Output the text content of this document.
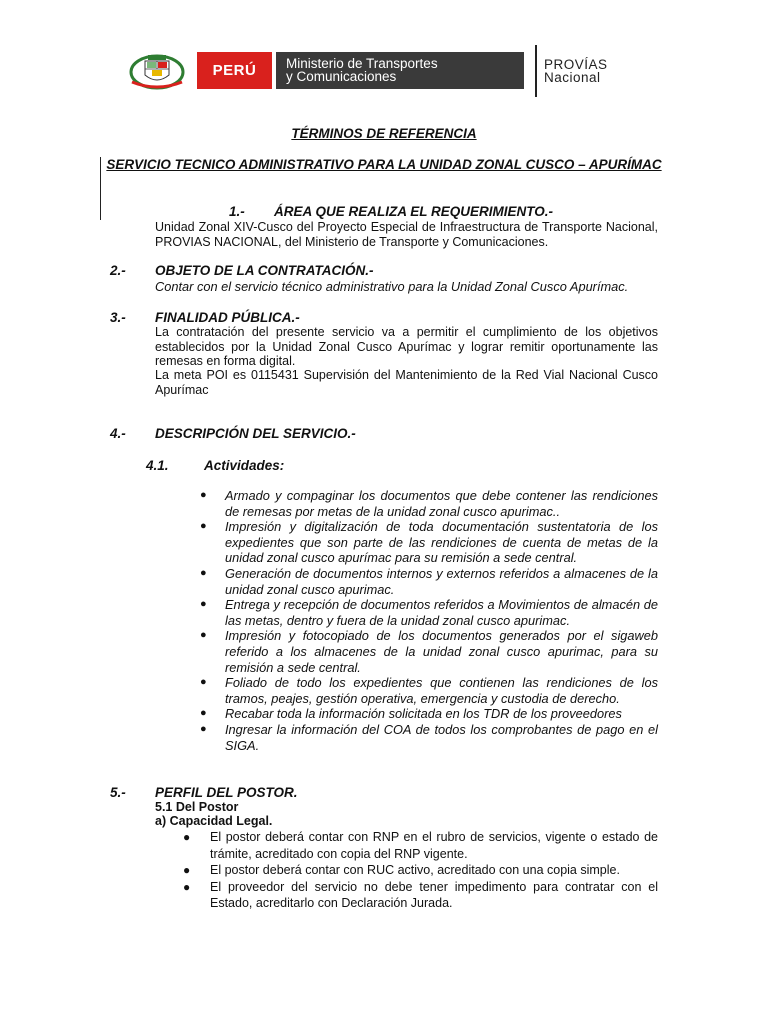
PERÚ Ministerio de Transportes
y Comunicaciones
PROVÍAS
Nacional
TÉRMINOS DE REFERENCIA
SERVICIO TECNICO ADMINISTRATIVO PARA LA UNIDAD ZONAL CUSCO – APURÍMAC
1.- ÁREA QUE REALIZA EL REQUERIMIENTO.-
Unidad Zonal XIV-Cusco del Proyecto Especial de Infraestructura de Transporte Nacional, PROVIAS NACIONAL, del Ministerio de Transporte y Comunicaciones.
2.- OBJETO DE LA CONTRATACIÓN.-
Contar con el servicio técnico administrativo para la Unidad Zonal Cusco Apurímac.
3.- FINALIDAD PÚBLICA.-
La contratación del presente servicio va a permitir el cumplimiento de los objetivos establecidos por la Unidad Zonal Cusco Apurímac y lograr remitir oportunamente las remesas en forma digital.
La meta POI es 0115431 Supervisión del Mantenimiento de la Red Vial Nacional Cusco Apurímac
4.- DESCRIPCIÓN DEL SERVICIO.-
4.1.	Actividades:
● Armado y compaginar los documentos que debe contener las rendiciones de remesas por metas de la unidad zonal cusco apurimac..
● Impresión y digitalización de toda documentación sustentatoria de los expedientes que son parte de las rendiciones de cuenta de metas de la unidad zonal cusco apurímac para su remisión a sede central.
● Generación de documentos internos y externos referidos a almacenes de la unidad zonal cusco apurimac.
● Entrega y recepción de documentos referidos a Movimientos de almacén de las metas, dentro y fuera de la unidad zonal cusco apurimac.
● Impresión y fotocopiado de los documentos generados por el sigaweb referido a los almacenes de la unidad zonal cusco apurimac, para su remisión a sede central.
● Foliado de todo los expedientes que contienen las rendiciones de los tramos, peajes, gestión operativa, emergencia y custodia de derecho.
● Recabar toda la información solicitada en los TDR de los proveedores
● Ingresar la información del COA de todos los comprobantes de pago en el SIGA.
5.- PERFIL DEL POSTOR.
5.1 Del Postor
a) Capacidad Legal.
● El postor deberá contar con RNP en el rubro de servicios, vigente o estado de trámite, acreditado con copia del RNP vigente.
● El postor deberá contar con RUC activo, acreditado con una copia simple.
● El proveedor del servicio no debe tener impedimento para contratar con el Estado, acreditarlo con Declaración Jurada.
